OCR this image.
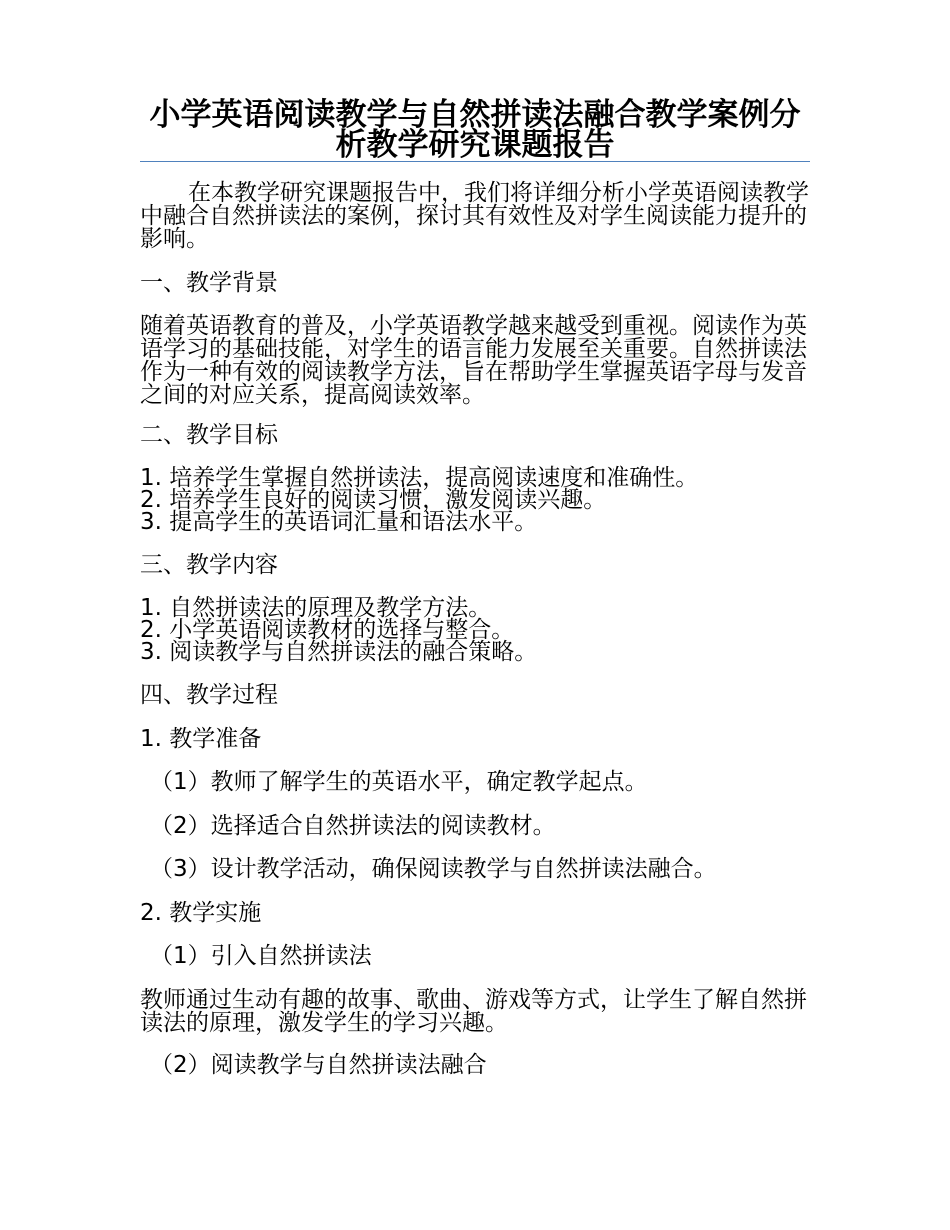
小学英语阅读教学与自然拼读法融合教学案例分析教学研究课题报告
在本教学研究课题报告中，我们将详细分析小学英语阅读教学中融合自然拼读法的案例，探讨其有效性及对学生阅读能力提升的影响。
一、教学背景
随着英语教育的普及，小学英语教学越来越受到重视。阅读作为英语学习的基础技能，对学生的语言能力发展至关重要。自然拼读法作为一种有效的阅读教学方法，旨在帮助学生掌握英语字母与发音之间的对应关系，提高阅读效率。
二、教学目标
1. 培养学生掌握自然拼读法，提高阅读速度和准确性。
2. 培养学生良好的阅读习惯，激发阅读兴趣。
3. 提高学生的英语词汇量和语法水平。
三、教学内容
1. 自然拼读法的原理及教学方法。
2. 小学英语阅读教材的选择与整合。
3. 阅读教学与自然拼读法的融合策略。
四、教学过程
1. 教学准备
（1）教师了解学生的英语水平，确定教学起点。
（2）选择适合自然拼读法的阅读教材。
（3）设计教学活动，确保阅读教学与自然拼读法融合。
2. 教学实施
（1）引入自然拼读法
教师通过生动有趣的故事、歌曲、游戏等方式，让学生了解自然拼读法的原理，激发学生的学习兴趣。
（2）阅读教学与自然拼读法融合
